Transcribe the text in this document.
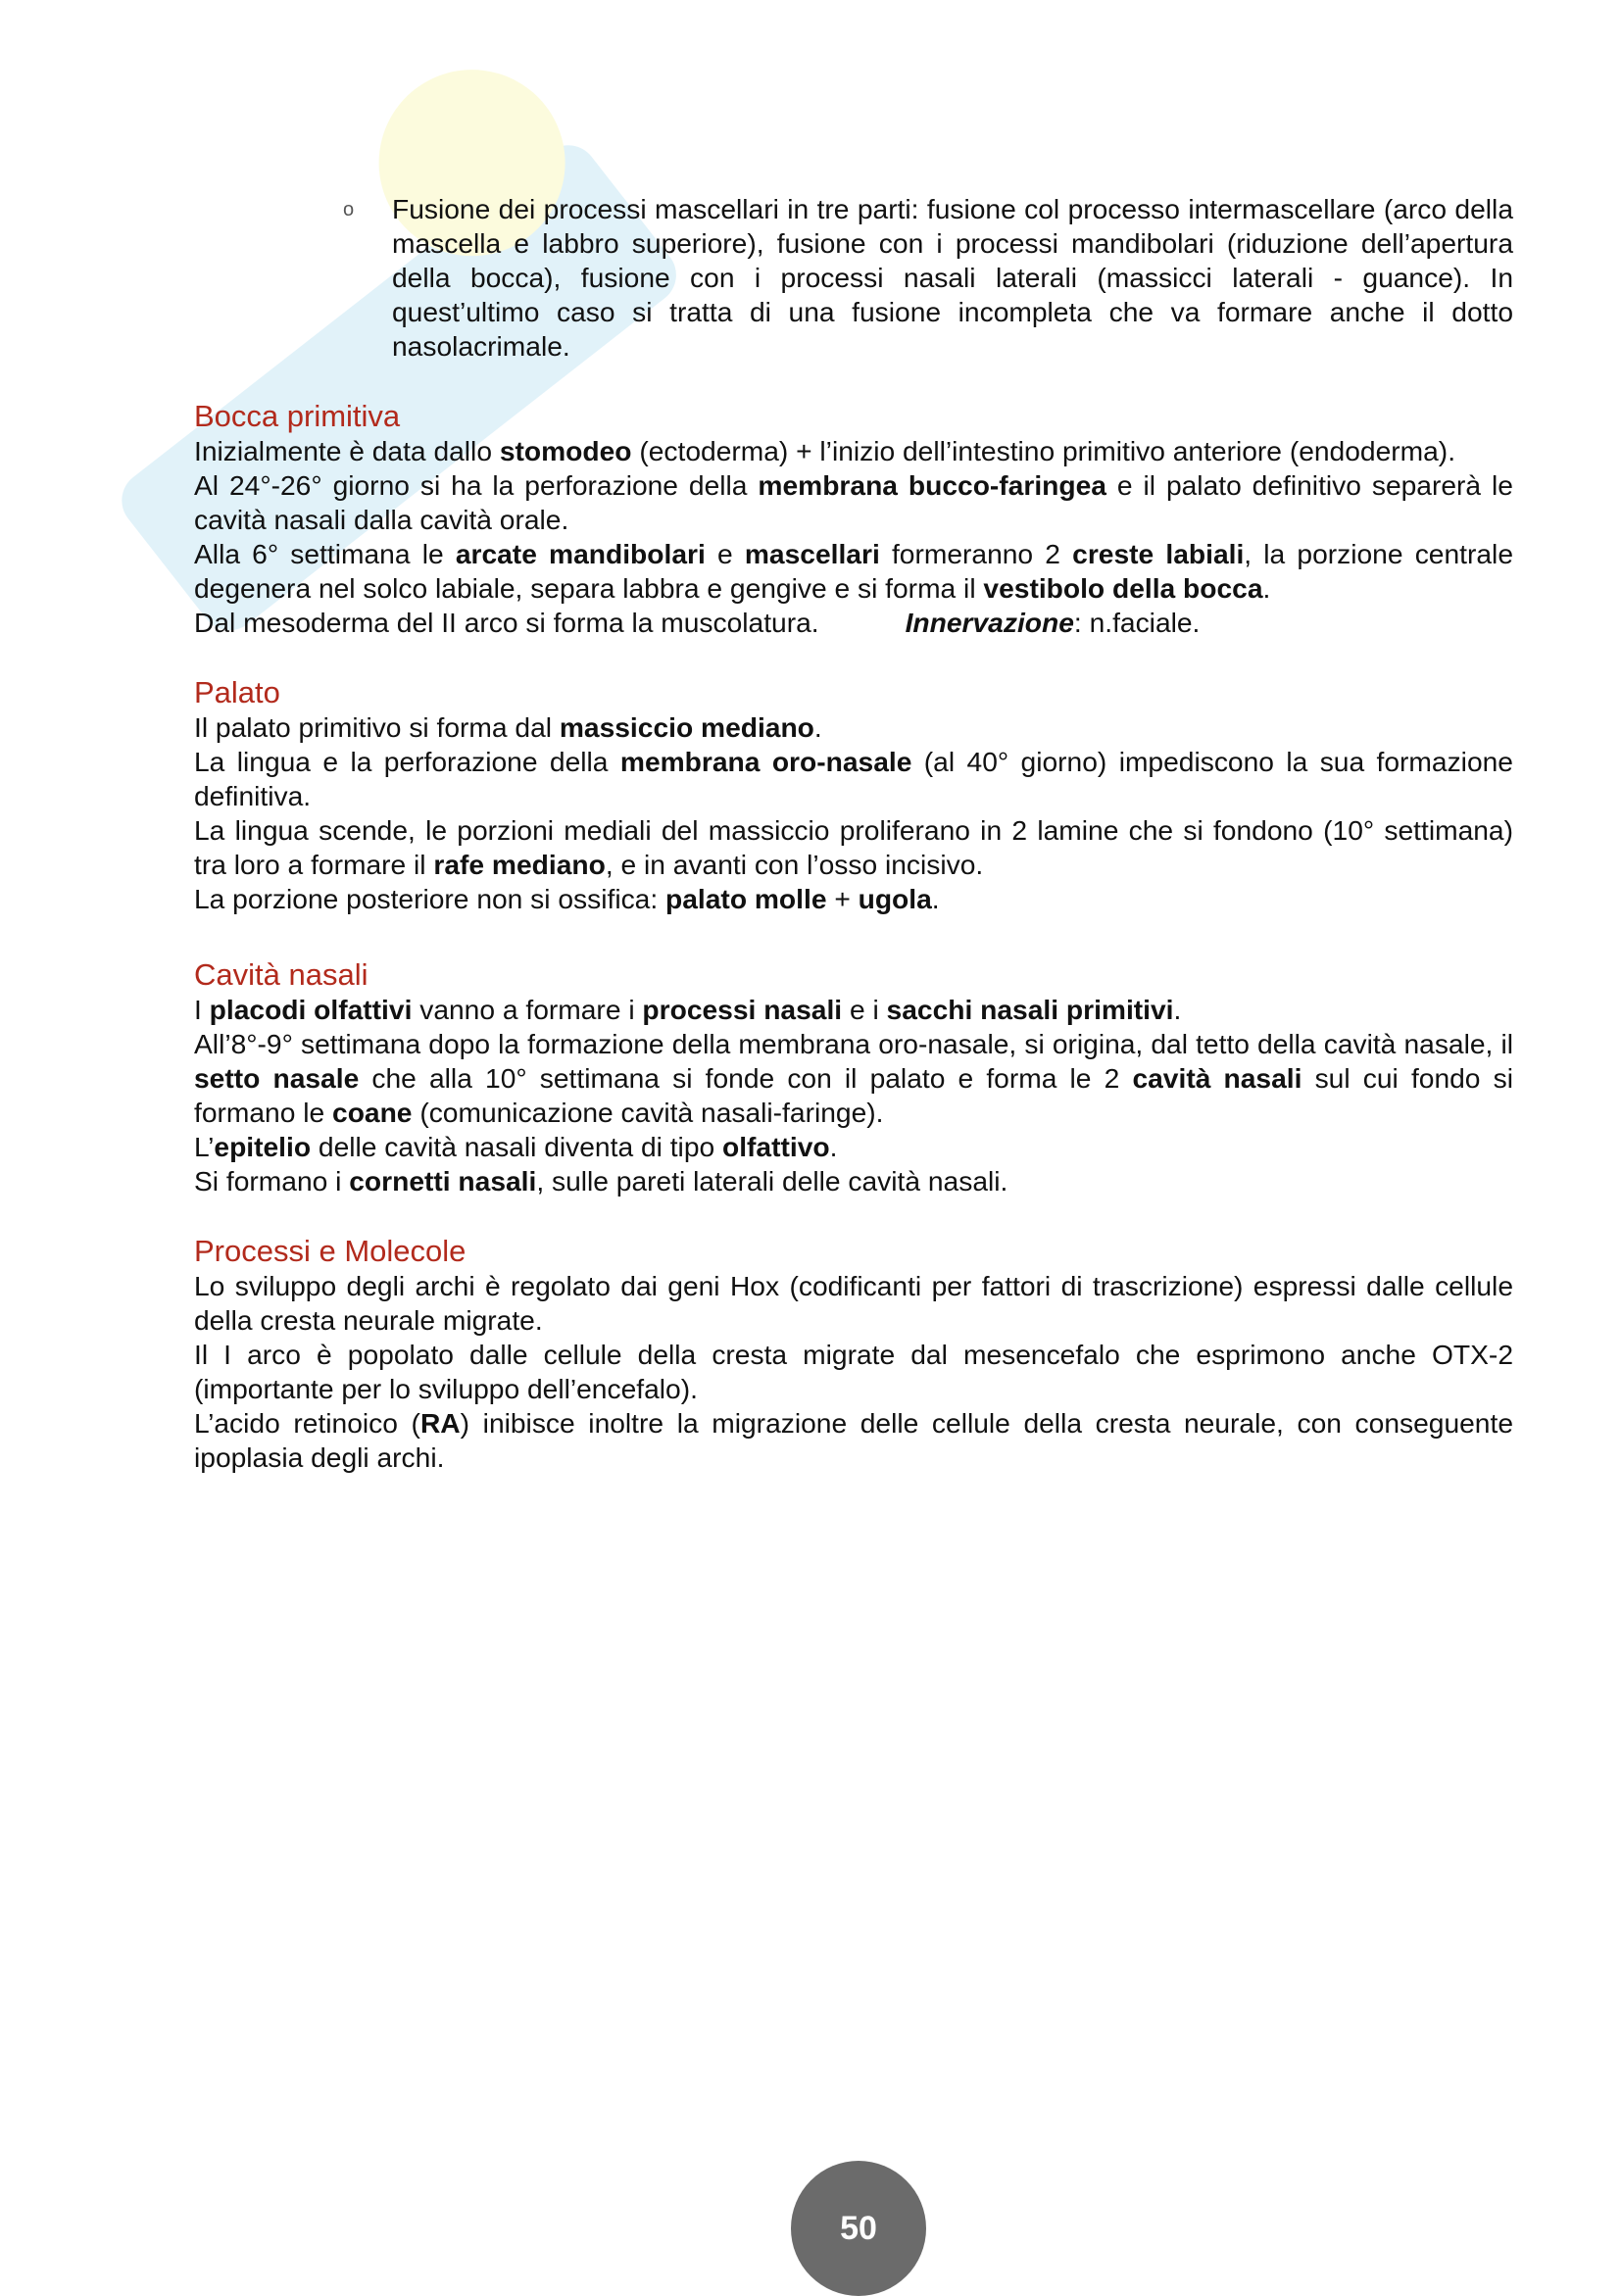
o Fusione dei processi mascellari in tre parti: fusione col processo intermascellare (arco della mascella e labbro superiore), fusione con i processi mandibolari (riduzione dell’apertura della bocca), fusione con i processi nasali laterali (massicci laterali - guance). In quest’ultimo caso si tratta di una fusione incompleta che va formare anche il dotto nasolacrimale.
Bocca primitiva

Inizialmente è data dallo stomodeo (ectoderma) + l’inizio dell’intestino primitivo anteriore (endoderma).

Al 24°-26° giorno si ha la perforazione della membrana bucco-faringea e il palato definitivo separerà le cavità nasali dalla cavità orale.

Alla 6° settimana le arcate mandibolari e mascellari formeranno 2 creste labiali, la porzione centrale degenera nel solco labiale, separa labbra e gengive e si forma il vestibolo della bocca.

Dal mesoderma del II arco si forma la muscolatura.	Innervazione: n.faciale.

Palato

Il palato primitivo si forma dal massiccio mediano.

La lingua e la perforazione della membrana oro-nasale (al 40° giorno) impediscono la sua formazione definitiva.

La lingua scende, le porzioni mediali del massiccio proliferano in 2 lamine che si fondono (10° settimana) tra loro a formare il rafe mediano, e in avanti con l’osso incisivo.

La porzione posteriore non si ossifica: palato molle + ugola.

Cavità nasali

I placodi olfattivi vanno a formare i processi nasali e i sacchi nasali primitivi.

All’8°-9° settimana dopo la formazione della membrana oro-nasale, si origina, dal tetto della cavità nasale, il setto nasale che alla 10° settimana si fonde con il palato e forma le 2 cavità nasali sul cui fondo si formano le coane (comunicazione cavità nasali-faringe).

L’epitelio delle cavità nasali diventa di tipo olfattivo.

Si formano i cornetti nasali, sulle pareti laterali delle cavità nasali.

Processi e Molecole

Lo sviluppo degli archi è regolato dai geni Hox (codificanti per fattori di trascrizione) espressi dalle cellule della cresta neurale migrate.

Il I arco è popolato dalle cellule della cresta migrate dal mesencefalo che esprimono anche OTX-2 (importante per lo sviluppo dell’encefalo).

L’acido retinoico (RA) inibisce inoltre la migrazione delle cellule della cresta neurale, con conseguente ipoplasia degli archi.

50
